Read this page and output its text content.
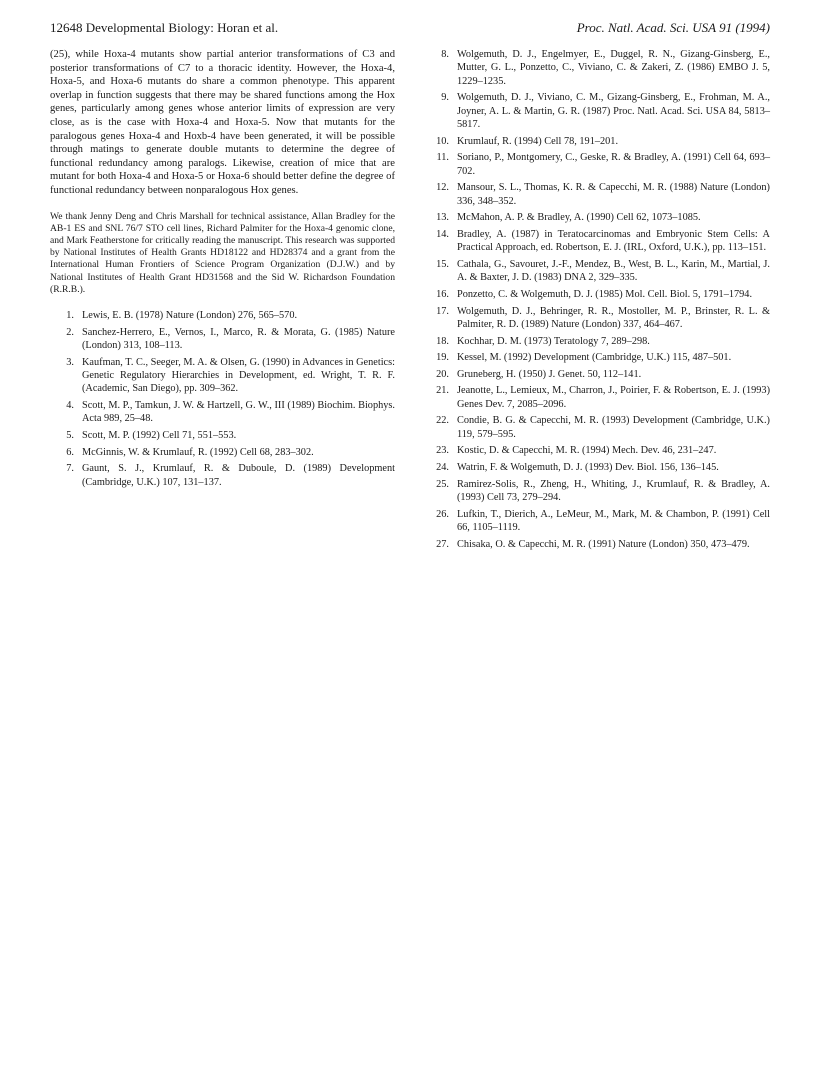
12648 Developmental Biology: Horan et al.	Proc. Natl. Acad. Sci. USA 91 (1994)

(25), while Hoxa-4 mutants show partial anterior transformations of C3 and posterior transformations of C7 to a thoracic identity. However, the Hoxa-4, Hoxa-5, and Hoxa-6 mutants do share a common phenotype. This apparent overlap in function suggests that there may be shared functions among the Hox genes, particularly among genes whose anterior limits of expression are very close, as is the case with Hoxa-4 and Hoxa-5. Now that mutants for the paralogous genes Hoxa-4 and Hoxb-4 have been generated, it will be possible through matings to generate double mutants to determine the degree of functional redundancy among paralogs. Likewise, creation of mice that are mutant for both Hoxa-4 and Hoxa-5 or Hoxa-6 should better define the degree of functional redundancy between nonparalogous Hox genes.

We thank Jenny Deng and Chris Marshall for technical assistance, Allan Bradley for the AB-1 ES and SNL 76/7 STO cell lines, Richard Palmiter for the Hoxa-4 genomic clone, and Mark Featherstone for critically reading the manuscript. This research was supported by National Institutes of Health Grants HD18122 and HD28374 and a grant from the International Human Frontiers of Science Program Organization (D.J.W.) and by National Institutes of Health Grant HD31568 and the Sid W. Richardson Foundation (R.R.B.).

1. Lewis, E. B. (1978) Nature (London) 276, 565–570.
2. Sanchez-Herrero, E., Vernos, I., Marco, R. & Morata, G. (1985) Nature (London) 313, 108–113.
3. Kaufman, T. C., Seeger, M. A. & Olsen, G. (1990) in Advances in Genetics: Genetic Regulatory Hierarchies in Development, ed. Wright, T. R. F. (Academic, San Diego), pp. 309–362.
4. Scott, M. P., Tamkun, J. W. & Hartzell, G. W., III (1989) Biochim. Biophys. Acta 989, 25–48.
5. Scott, M. P. (1992) Cell 71, 551–553.
6. McGinnis, W. & Krumlauf, R. (1992) Cell 68, 283–302.
7. Gaunt, S. J., Krumlauf, R. & Duboule, D. (1989) Development (Cambridge, U.K.) 107, 131–137.
8. Wolgemuth, D. J., Engelmyer, E., Duggel, R. N., Gizang-Ginsberg, E., Mutter, G. L., Ponzetto, C., Viviano, C. & Zakeri, Z. (1986) EMBO J. 5, 1229–1235.
9. Wolgemuth, D. J., Viviano, C. M., Gizang-Ginsberg, E., Frohman, M. A., Joyner, A. L. & Martin, G. R. (1987) Proc. Natl. Acad. Sci. USA 84, 5813–5817.
10. Krumlauf, R. (1994) Cell 78, 191–201.
11. Soriano, P., Montgomery, C., Geske, R. & Bradley, A. (1991) Cell 64, 693–702.
12. Mansour, S. L., Thomas, K. R. & Capecchi, M. R. (1988) Nature (London) 336, 348–352.
13. McMahon, A. P. & Bradley, A. (1990) Cell 62, 1073–1085.
14. Bradley, A. (1987) in Teratocarcinomas and Embryonic Stem Cells: A Practical Approach, ed. Robertson, E. J. (IRL, Oxford, U.K.), pp. 113–151.
15. Cathala, G., Savouret, J.-F., Mendez, B., West, B. L., Karin, M., Martial, J. A. & Baxter, J. D. (1983) DNA 2, 329–335.
16. Ponzetto, C. & Wolgemuth, D. J. (1985) Mol. Cell. Biol. 5, 1791–1794.
17. Wolgemuth, D. J., Behringer, R. R., Mostoller, M. P., Brinster, R. L. & Palmiter, R. D. (1989) Nature (London) 337, 464–467.
18. Kochhar, D. M. (1973) Teratology 7, 289–298.
19. Kessel, M. (1992) Development (Cambridge, U.K.) 115, 487–501.
20. Gruneberg, H. (1950) J. Genet. 50, 112–141.
21. Jeanotte, L., Lemieux, M., Charron, J., Poirier, F. & Robertson, E. J. (1993) Genes Dev. 7, 2085–2096.
22. Condie, B. G. & Capecchi, M. R. (1993) Development (Cambridge, U.K.) 119, 579–595.
23. Kostic, D. & Capecchi, M. R. (1994) Mech. Dev. 46, 231–247.
24. Watrin, F. & Wolgemuth, D. J. (1993) Dev. Biol. 156, 136–145.
25. Ramirez-Solis, R., Zheng, H., Whiting, J., Krumlauf, R. & Bradley, A. (1993) Cell 73, 279–294.
26. Lufkin, T., Dierich, A., LeMeur, M., Mark, M. & Chambon, P. (1991) Cell 66, 1105–1119.
27. Chisaka, O. & Capecchi, M. R. (1991) Nature (London) 350, 473–479.
